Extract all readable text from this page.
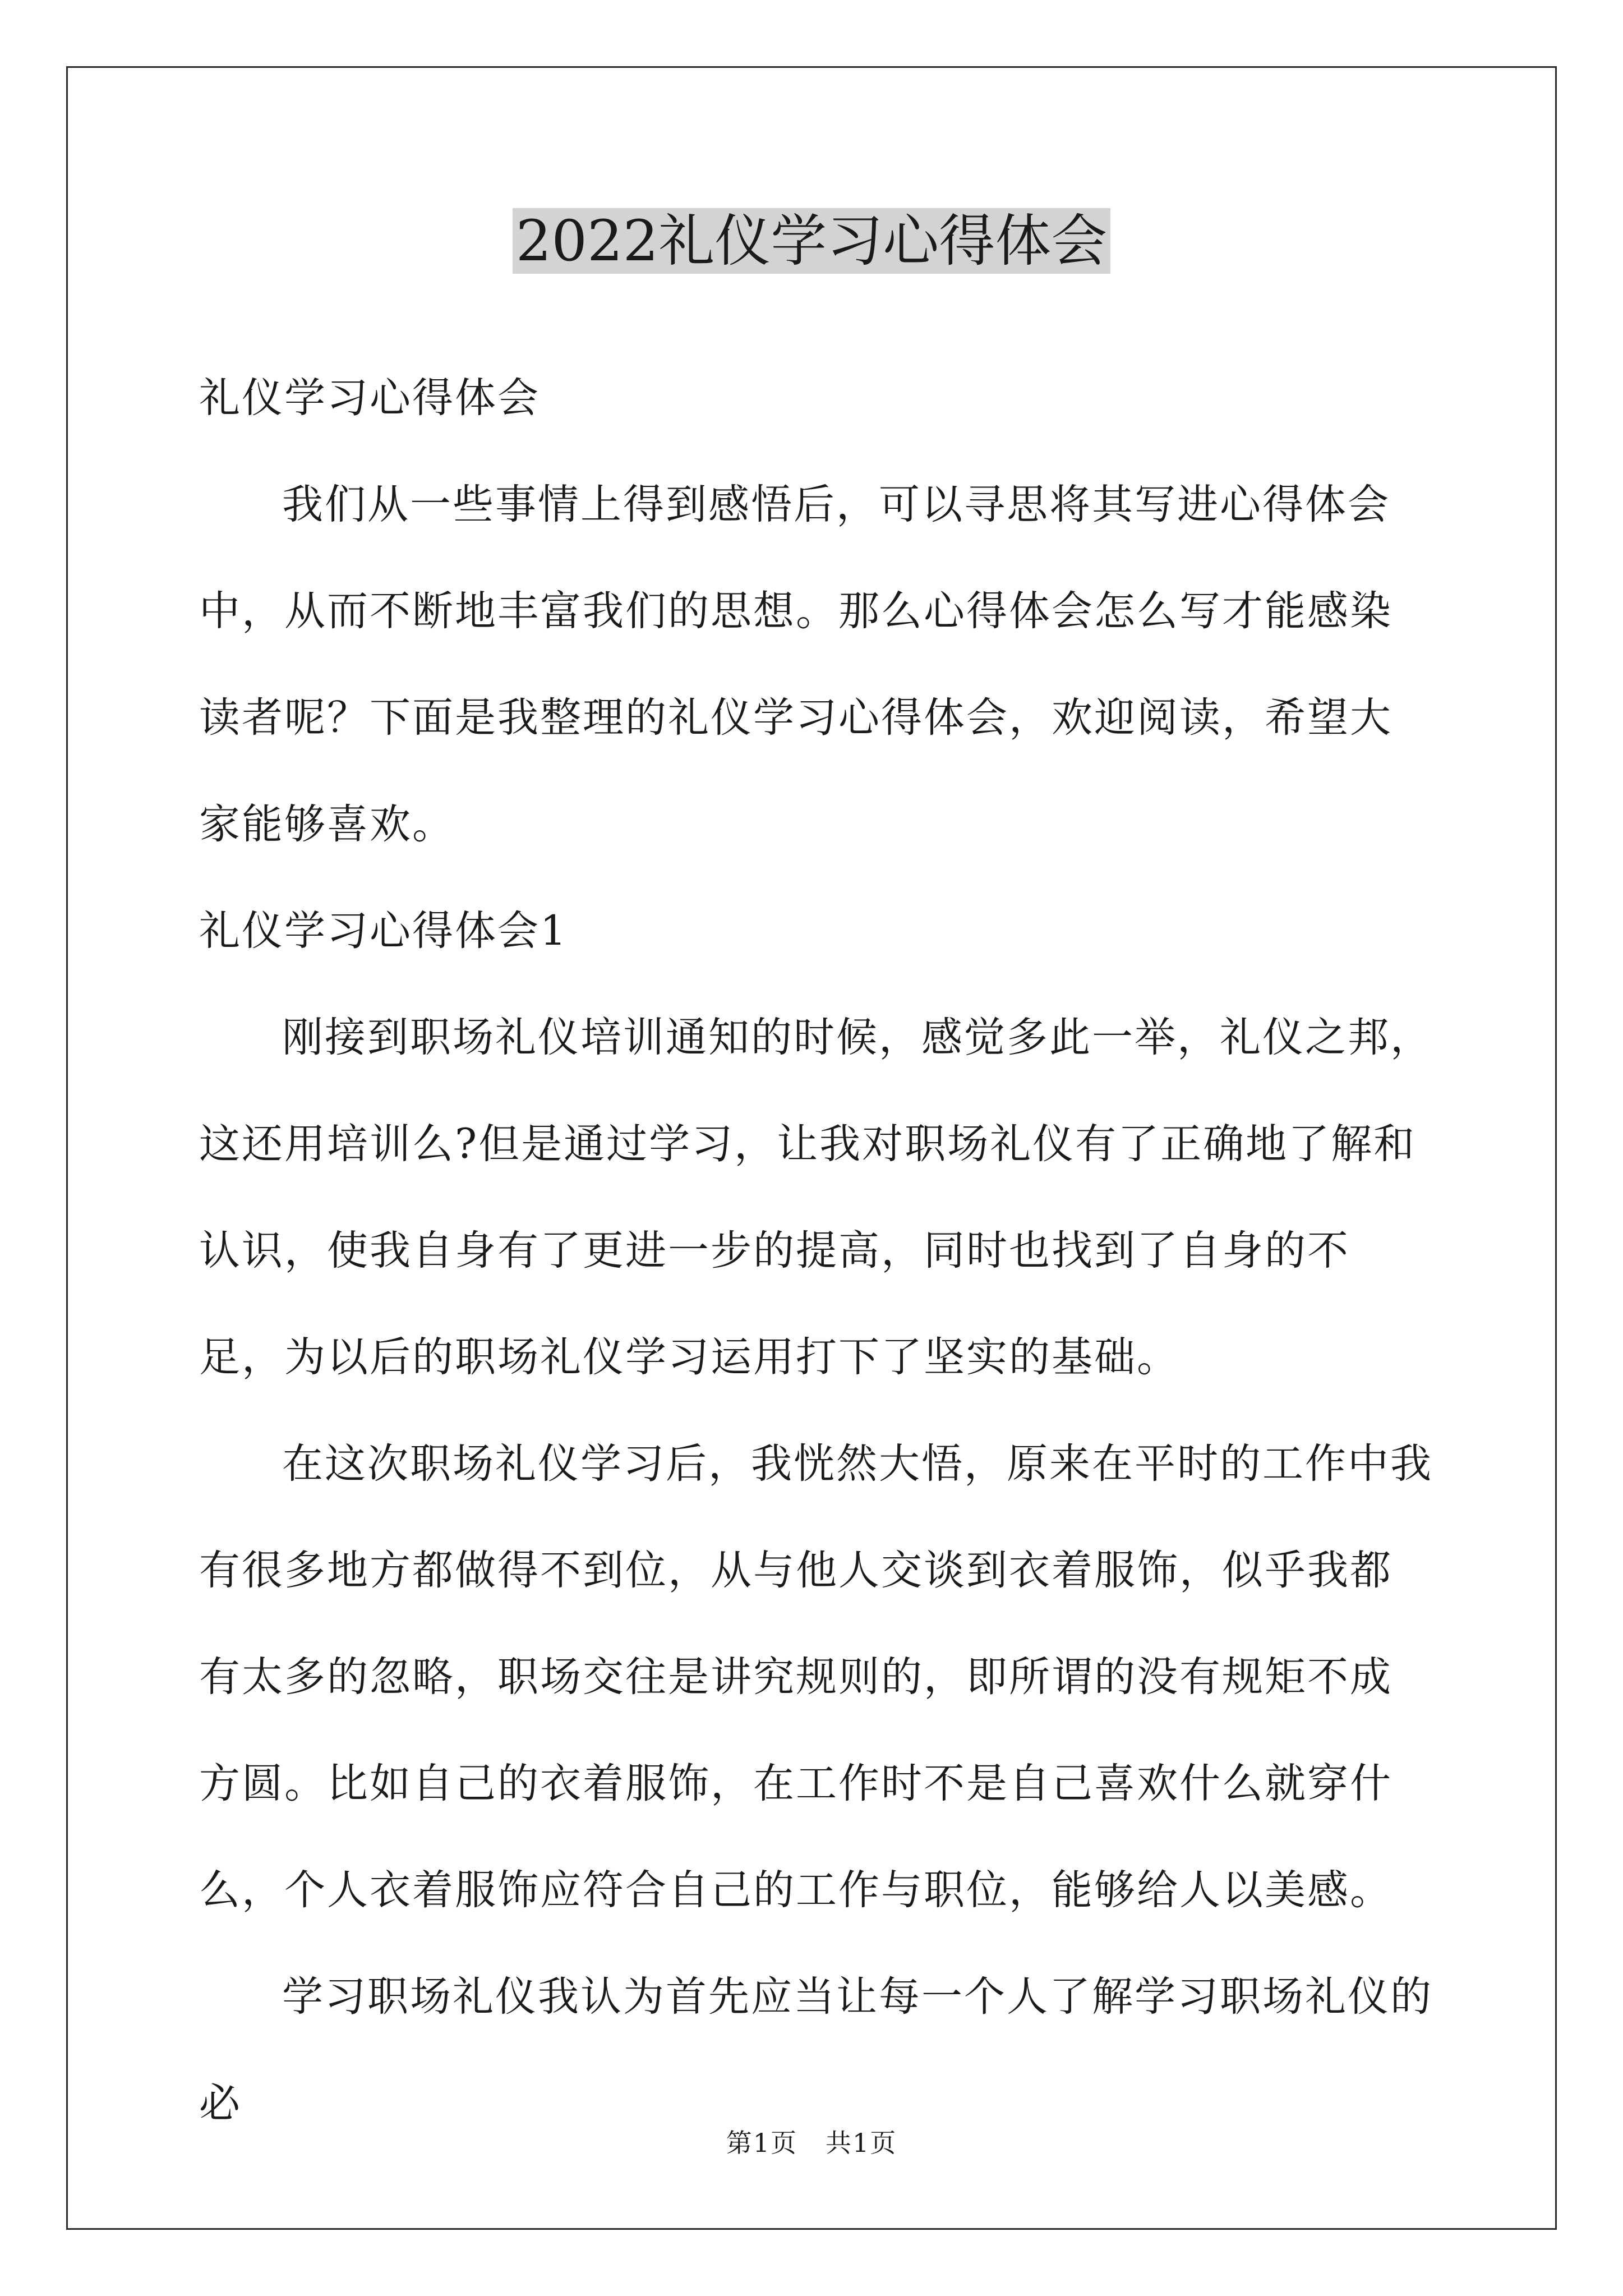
2022礼仪学习心得体会

礼仪学习心得体会

我们从一些事情上得到感悟后，可以寻思将其写进心得体会中，从而不断地丰富我们的思想。那么心得体会怎么写才能感染读者呢？下面是我整理的礼仪学习心得体会，欢迎阅读，希望大家能够喜欢。

礼仪学习心得体会1

刚接到职场礼仪培训通知的时候，感觉多此一举，礼仪之邦，这还用培训么?但是通过学习，让我对职场礼仪有了正确地了解和认识，使我自身有了更进一步的提高，同时也找到了自身的不足，为以后的职场礼仪学习运用打下了坚实的基础。

在这次职场礼仪学习后，我恍然大悟，原来在平时的工作中我有很多地方都做得不到位，从与他人交谈到衣着服饰，似乎我都有太多的忽略，职场交往是讲究规则的，即所谓的没有规矩不成方圆。比如自己的衣着服饰，在工作时不是自己喜欢什么就穿什么，个人衣着服饰应符合自己的工作与职位，能够给人以美感。

学习职场礼仪我认为首先应当让每一个人了解学习职场礼仪的必

第1页 共1页
